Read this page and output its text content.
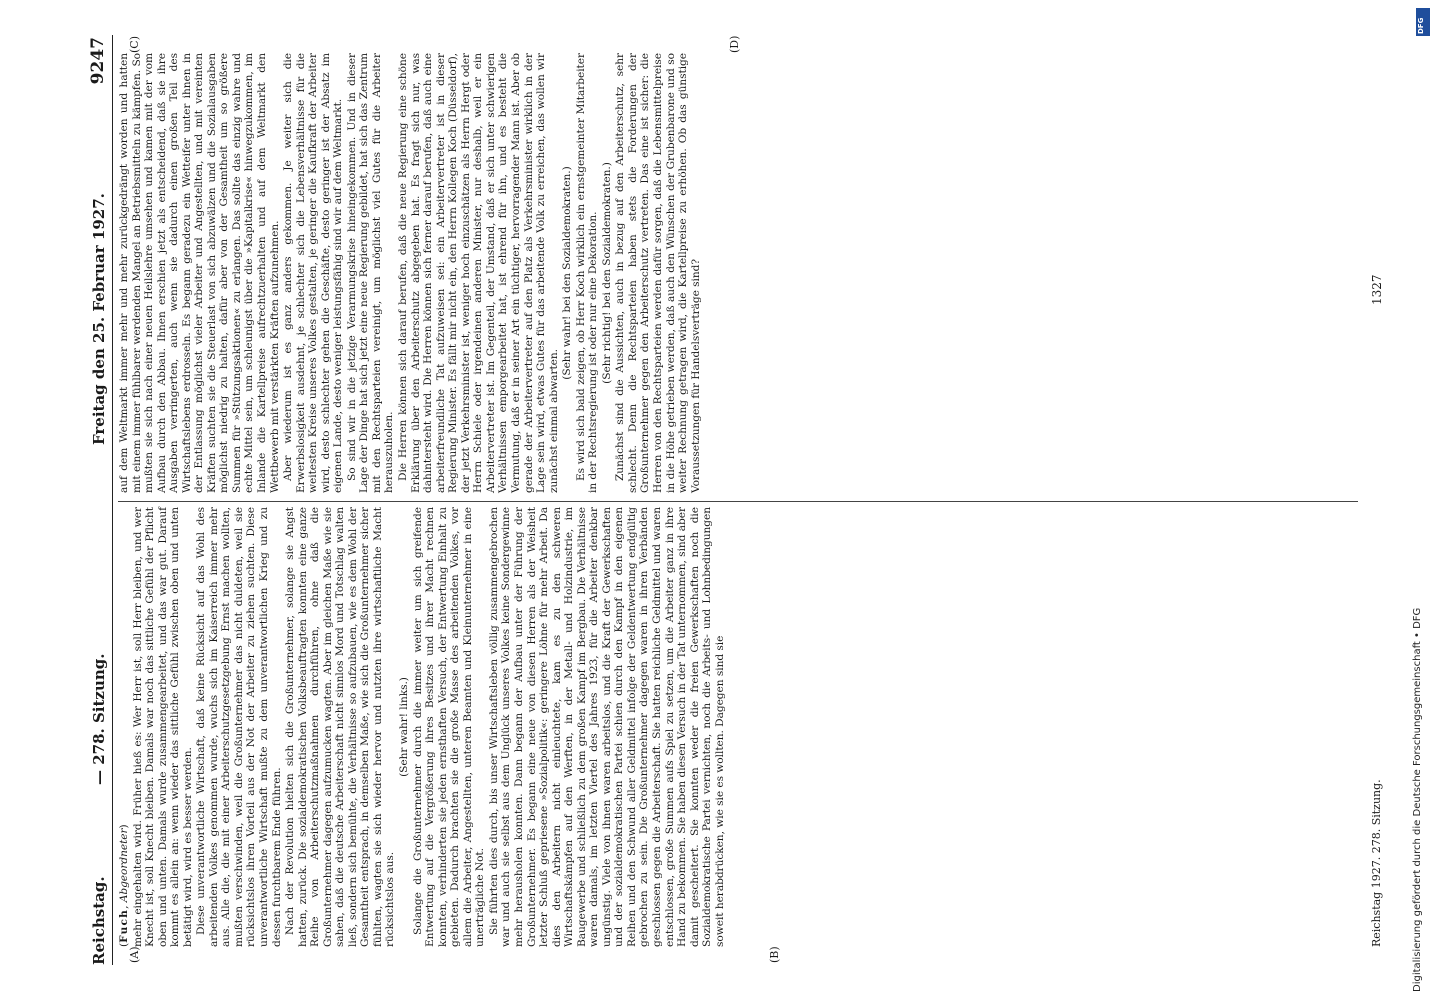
Reichstag.
— 278. Sitzung.
Freitag den 25. Februar 1927.
9247
(A)	(B)
(C)	(D)

(Fuch, Abgeordneter) mehr eingehalten wird. Früher hieß es: Wer Herr ist, soll Herr bleiben, und wer Knecht ist, soll Knecht bleiben. Damals war noch das sittliche Gefühl der Pflicht oben und unten. Damals wurde zusammengearbeitet, und das war gut. Darauf kommt es allein an: wenn wieder das sittliche Gefühl zwischen oben und unten betätigt wird, wird es besser werden. Diese unverantwortliche Wirtschaft, daß keine Rücksicht auf das Wohl des arbeitenden Volkes genommen wurde, wuchs sich im Kaiserreich immer mehr aus. Alle die, die mit einer Arbeiterschutzgesetzgebung Ernst machen wollten, mußten verschwinden, weil die Großunternehmer das nicht duldeten, weil sie rücksichtslos ihren Vorteil aus der Not der Arbeiter zu ziehen suchten. Diese unverantwortliche Wirtschaft mußte zu dem unverantwortlichen Krieg und zu dessen furchtbarem Ende führen. Nach der Revolution hielten sich die Großunternehmer, solange sie Angst hatten, zurück. Die sozialdemokratischen Volksbeauftragten konnten eine ganze Reihe von Arbeiterschutzmaßnahmen durchführen, ohne daß die Großunternehmer dagegen aufzumucken wagten. Aber im gleichen Maße wie sie sahen, daß die deutsche Arbeiterschaft nicht sinnlos Mord und Totschlag walten ließ, sondern sich bemühte, die Verhältnisse so aufzubauen, wie es dem Wohl der Gesamtheit entsprach, in demselben Maße, wie sich die Großunternehmer sicher fühlten, wagten sie sich wieder hervor und nutzten ihre wirtschaftliche Macht rücksichtslos aus.

(Sehr wahr! links.) Solange die Großunternehmer durch die immer weiter um sich greifende Entwertung auf die Vergrößerung ihres Besitzes und ihrer Macht rechnen konnten, verhinderten sie jeden ernsthaften Versuch, der Entwertung Einhalt zu gebieten. Dadurch brachten sie die große Masse des arbeitenden Volkes, vor allem die Arbeiter, Angestellten, unteren Beamten und Kleinunternehmer in eine unerträgliche Not. Sie führten dies durch, bis unser Wirtschaftsleben völlig zusammengebrochen war und auch sie selbst aus dem Unglück unseres Volkes keine Sondergewinne mehr herausholen konnten. Dann begann der Aufbau unter der Führung der Großunternehmer. Es begann eine neue von diesen Herren als der Weisheit letzter Schluß gepriesene »Sozialpolitik«: geringere Löhne für mehr Arbeit. Da dies den Arbeitern nicht einleuchtete, kam es zu den schweren Wirtschaftskämpfen auf den Werften, in der Metall- und Holzindustrie, im Baugewerbe und schließlich zu dem großen Kampf im Bergbau. Die Verhältnisse waren damals, im letzten Viertel des Jahres 1923, für die Arbeiter denkbar ungünstig. Viele von ihnen waren arbeitslos, und die Kraft der Gewerkschaften und der sozialdemokratischen Partei schien durch den Kampf in den eigenen Reihen und den Schwund aller Geldmittel infolge der Geldentwertung endgültig gebrochen zu sein. Die Großunternehmer dagegen waren in ihren Verbänden geschlossen gegen die Arbeiterschaft. Sie hatten reichliche Geldmittel und waren entschlossen, große Summen aufs Spiel zu setzen, um die Arbeiter ganz in ihre Hand zu bekommen. Sie haben diesen Versuch in der Tat unternommen, sind aber damit gescheitert. Sie konnten weder die freien Gewerkschaften noch die Sozialdemokratische Partei vernichten, noch die Arbeits- und Lohnbedingungen soweit herabdrücken, wie sie es wollten. Dagegen sind sie

auf dem Weltmarkt immer mehr und mehr zurückgedrängt worden und hatten mit einem immer fühlbarer werdenden Mangel an Betriebsmitteln zu kämpfen. So mußten sie sich nach einer neuen Heilslehre umsehen und kamen mit der vom Aufbau durch den Abbau. Ihnen erschien jetzt als entscheidend, daß sie ihre Ausgaben verringerten, auch wenn sie dadurch einen großen Teil des Wirtschaftslebens erdrosseln. Es begann geradezu ein Wetteifer unter ihnen in der Entlassung möglichst vieler Arbeiter und Angestellten, und mit vereinten Kräften suchten sie die Steuerlast von sich abzuwälzen und die Sozialausgaben möglichst niedrig zu halten, dafür aber von der Gesamtheit um so größere Summen für »Stützungsaktionen« zu erlangen. Das sollte das einzig wahre und echte Mittel sein, um schleunigst über die »Kapitalkrise« hinwegzukommen, im Inlande die Kartellpreise aufrechtzuerhalten und auf dem Weltmarkt den Wettbewerb mit verstärkten Kräften aufzunehmen. Aber wiederum ist es ganz anders gekommen. Je weiter sich die Erwerbslosigkeit ausdehnt, je schlechter sich die Lebensverhältnisse für die weitesten Kreise unseres Volkes gestalten, je geringer die Kaufkraft der Arbeiter wird, desto schlechter gehen die Geschäfte, desto geringer ist der Absatz im eigenen Lande, desto weniger leistungsfähig sind wir auf dem Weltmarkt. So sind wir in die jetzige Verarmungskrise hineingekommen. Und in dieser Lage der Dinge hat sich jetzt eine neue Regierung gebildet, hat sich das Zentrum mit den Rechtsparteien vereinigt, um möglichst viel Gutes für die Arbeiter herauszuholen. Die Herren können sich darauf berufen, daß die neue Regierung eine schöne Erklärung über den Arbeiterschutz abgegeben hat. Es fragt sich nur, was dahintersteht wird. Die Herren können sich ferner darauf berufen, daß auch eine arbeiterfreundliche Tat aufzuweisen sei: ein Arbeitervertreter ist in dieser Regierung Minister. Es fällt mir nicht ein, den Herrn Kollegen Koch (Düsseldorf), der jetzt Verkehrsminister ist, weniger hoch einzuschätzen als Herrn Hergt oder Herrn Schiele oder irgendeinen anderen Minister, nur deshalb, weil er ein Arbeitervertreter ist. Im Gegenteil, der Umstand, daß er sich unter schwierigen Verhältnissen emporgearbeitet hat, ist ehrend für ihn, und es besteht die Vermutung, daß er in seiner Art ein tüchtiger, hervorragender Mann ist. Aber ob gerade der Arbeitervertreter auf den Platz als Verkehrsminister wirklich in der Lage sein wird, etwas Gutes für das arbeitende Volk zu erreichen, das wollen wir zunächst einmal abwarten.

(Sehr wahr! bei den Sozialdemokraten.) Es wird sich bald zeigen, ob Herr Koch wirklich ein ernstgemeinter Mitarbeiter in der Rechtsregierung ist oder nur eine Dekoration. (Sehr richtig! bei den Sozialdemokraten.) Zunächst sind die Aussichten, auch in bezug auf den Arbeiterschutz, sehr schlecht. Denn die Rechtsparteien haben stets die Forderungen der Großunternehmer gegen den Arbeiterschutz vertreten. Das eine ist sicher: die Herren von den Rechtsparteien werden dafür sorgen, daß die Lebensmittelpreise in die Höhe getrieben werden, daß auch den Wünschen der Grubenbarone und so weiter Rechnung getragen wird, die Kartellpreise zu erhöhen. Ob das günstige Voraussetzungen für Handelsverträge sind?

Reichstag 1927. 278. Sitzung.
1327
DFG
Digitalisierung gefördert durch die Deutsche Forschungsgemeinschaft • DFG
